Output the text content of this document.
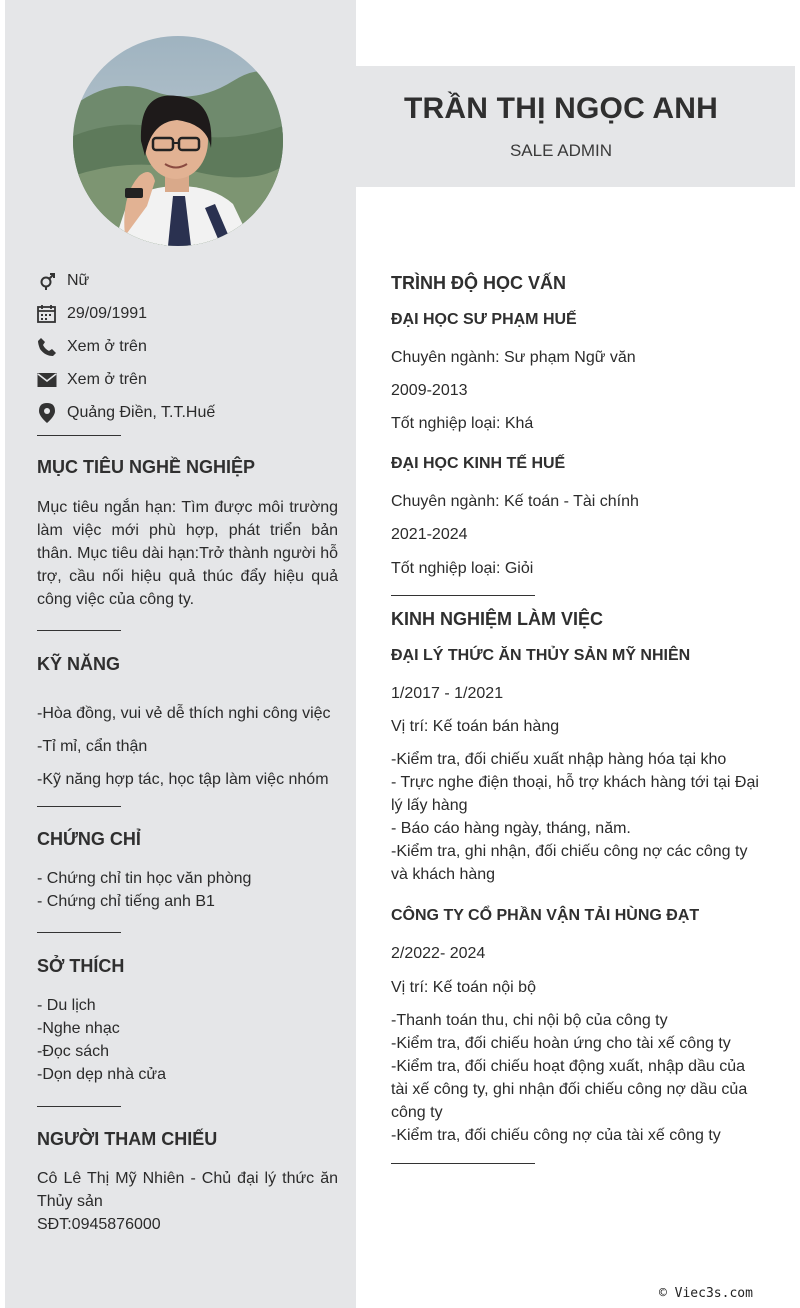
TRẦN THỊ NGỌC ANH
SALE ADMIN
Nữ
29/09/1991
Xem ở trên
Xem ở trên
Quảng Điền, T.T.Huế
MỤC TIÊU NGHỀ NGHIỆP
Mục tiêu ngắn hạn: Tìm được môi trường làm việc mới phù hợp, phát triển bản thân. Mục tiêu dài hạn:Trở thành người hỗ trợ, cầu nối hiệu quả thúc đẩy hiệu quả công việc của công ty.
KỸ NĂNG
-Hòa đồng, vui vẻ dễ thích nghi công việc
-Tỉ mỉ, cẩn thận
-Kỹ năng hợp tác, học tập làm việc nhóm
CHỨNG CHỈ
- Chứng chỉ tin học văn phòng
- Chứng chỉ tiếng anh B1
SỞ THÍCH
- Du lịch
-Nghe nhạc
-Đọc sách
-Dọn dẹp nhà cửa
NGƯỜI THAM CHIẾU
Cô Lê Thị Mỹ Nhiên - Chủ đại lý thức ăn Thủy sản
SĐT:0945876000
TRÌNH ĐỘ HỌC VẤN
ĐẠI HỌC SƯ PHẠM HUẾ
Chuyên ngành: Sư phạm Ngữ văn
2009-2013
Tốt nghiệp loại: Khá
ĐẠI HỌC KINH TẾ HUẾ
Chuyên ngành: Kế toán - Tài chính
2021-2024
Tốt nghiệp loại: Giỏi
KINH NGHIỆM LÀM VIỆC
ĐẠI LÝ THỨC ĂN THỦY SẢN MỸ NHIÊN
1/2017 - 1/2021
Vị trí: Kế toán bán hàng
-Kiểm tra, đối chiếu xuất nhập hàng hóa tại kho
- Trực nghe điện thoại, hỗ trợ khách hàng tới tại Đại lý lấy hàng
- Báo cáo hàng ngày, tháng, năm.
-Kiểm tra, ghi nhận, đối chiếu công nợ các công ty và khách hàng
CÔNG TY CỔ PHẦN VẬN TẢI HÙNG ĐẠT
2/2022- 2024
Vị trí: Kế toán nội bộ
-Thanh toán thu, chi nội bộ của công ty
-Kiểm tra, đối chiếu hoàn ứng cho tài xế công ty
-Kiểm tra, đối chiếu hoạt động xuất, nhập dầu của tài xế công ty, ghi nhận đối chiếu công nợ dầu của công ty
-Kiểm tra, đối chiếu công nợ của tài xế công ty
© Viec3s.com
